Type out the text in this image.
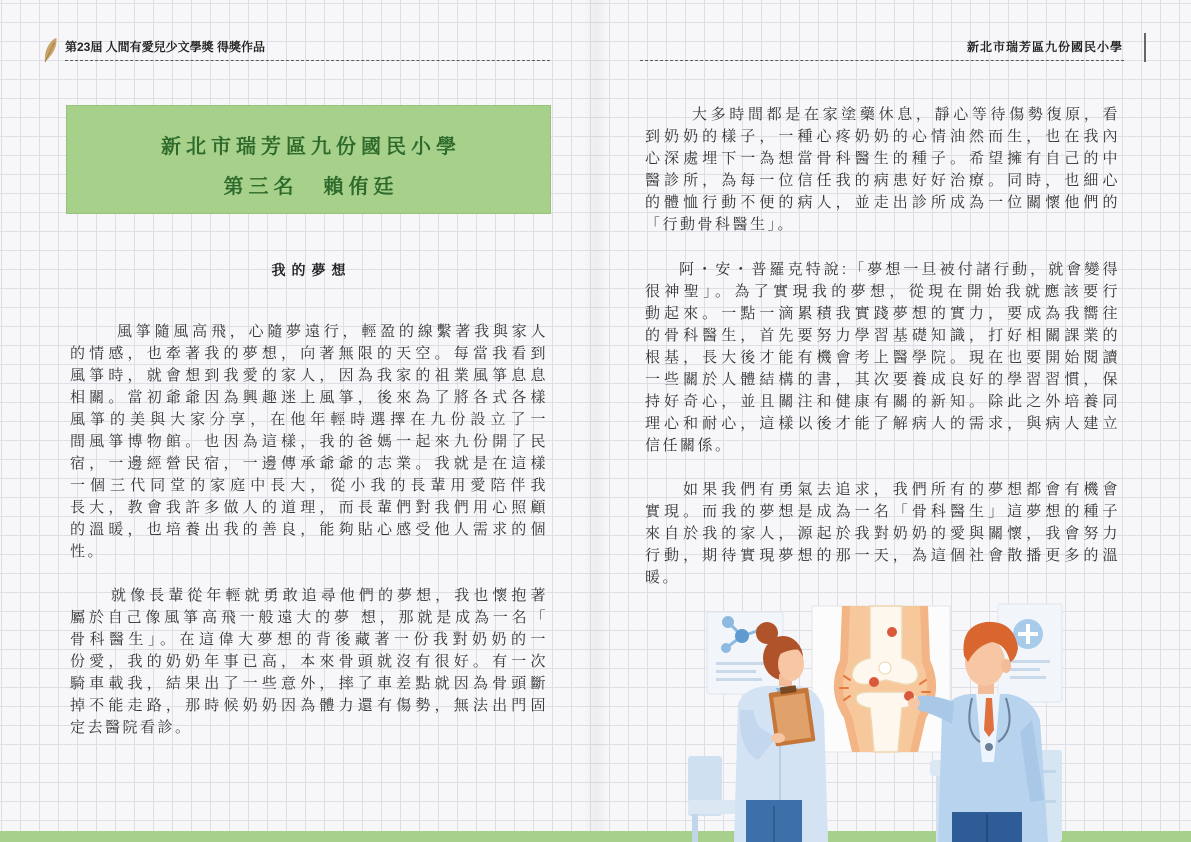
第23屆 人間有愛兒少文學獎 得獎作品
新北市瑞芳區九份國民小學
第三名　賴侑廷
我的夢想
風箏隨風高飛，心隨夢遠行，輕盈的線繫著我與家人
的情感，也牽著我的夢想，向著無限的天空。每當我看到
風箏時，就會想到我愛的家人，因為我家的祖業風箏息息
相關。當初爺爺因為興趣迷上風箏，後來為了將各式各樣
風箏的美與大家分享，在他年輕時選擇在九份設立了一
間風箏博物館。也因為這樣，我的爸媽一起來九份開了民
宿，一邊經營民宿，一邊傳承爺爺的志業。我就是在這樣
一個三代同堂的家庭中長大，從小我的長輩用愛陪伴我
長大，教會我許多做人的道理，而長輩們對我們用心照顧
的溫暖，也培養出我的善良，能夠貼心感受他人需求的個
性。
就像長輩從年輕就勇敢追尋他們的夢想，我也懷抱著
屬於自己像風箏高飛一般遠大的夢 想，那就是成為一名「
骨科醫生」。在這偉大夢想的背後藏著一份我對奶奶的一
份愛，我的奶奶年事已高，本來骨頭就沒有很好。有一次
騎車載我，結果出了一些意外，摔了車差點就因為骨頭斷
掉不能走路，那時候奶奶因為體力還有傷勢，無法出門固
定去醫院看診。
新北市瑞芳區九份國民小學
大多時間都是在家塗藥休息，靜心等待傷勢復原，看
到奶奶的樣子，一種心疼奶奶的心情油然而生，也在我內
心深處埋下一為想當骨科醫生的種子。希望擁有自己的中
醫診所，為每一位信任我的病患好好治療。同時，也細心
的體恤行動不便的病人，並走出診所成為一位關懷他們的
「行動骨科醫生」。
阿・安・普羅克特說:「夢想一旦被付諸行動，就會變得
很神聖」。為了實現我的夢想，從現在開始我就應該要行
動起來。一點一滴累積我實踐夢想的實力，要成為我嚮往
的骨科醫生，首先要努力學習基礎知識，打好相關課業的
根基，長大後才能有機會考上醫學院。現在也要開始閱讀
一些關於人體結構的書，其次要養成良好的學習習慣，保
持好奇心，並且關注和健康有關的新知。除此之外培養同
理心和耐心，這樣以後才能了解病人的需求，與病人建立
信任關係。
如果我們有勇氣去追求，我們所有的夢想都會有機會
實現。而我的夢想是成為一名「骨科醫生」這夢想的種子
來自於我的家人，源起於我對奶奶的愛與關懷，我會努力
行動，期待實現夢想的那一天，為這個社會散播更多的溫
暖。
